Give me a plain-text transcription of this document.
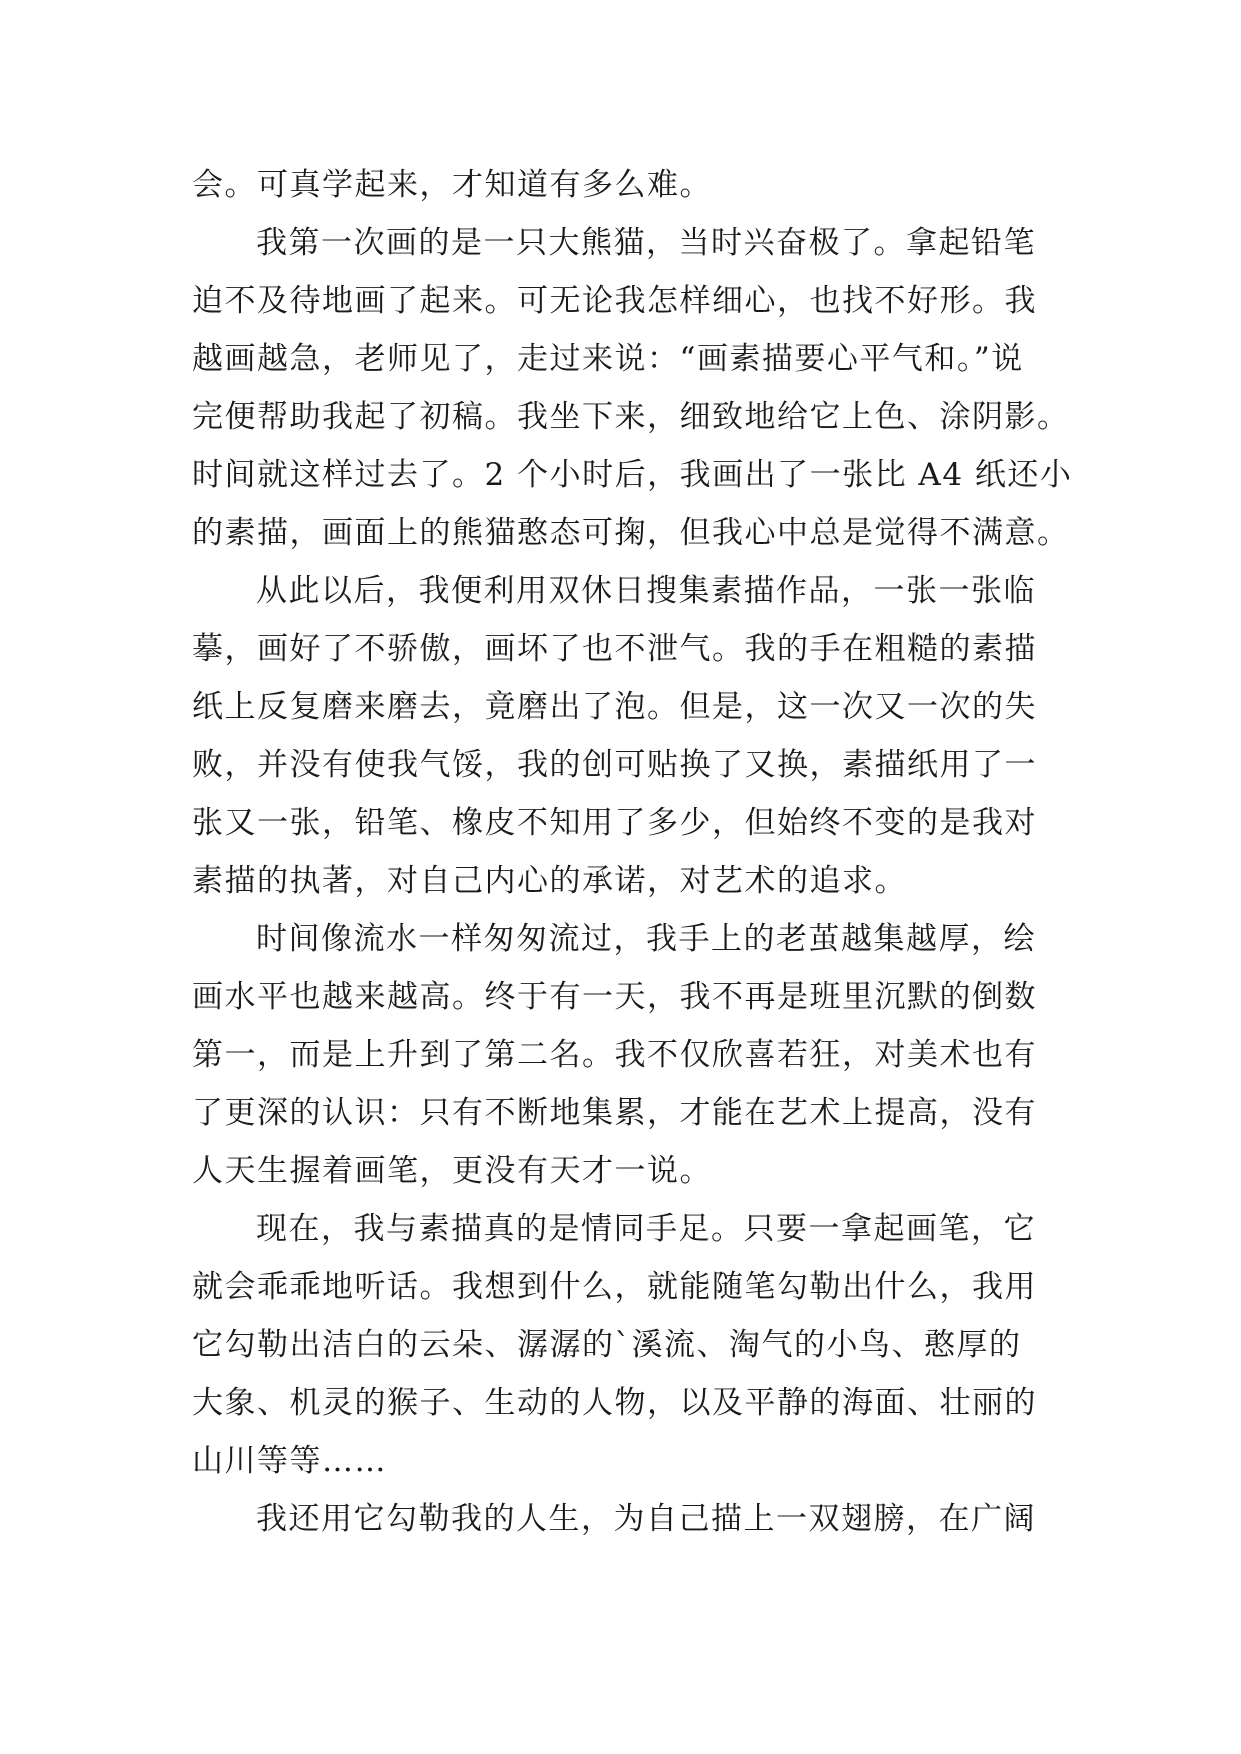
会。可真学起来，才知道有多么难。
我第一次画的是一只大熊猫，当时兴奋极了。拿起铅笔
迫不及待地画了起来。可无论我怎样细心，也找不好形。我
越画越急，老师见了，走过来说：“画素描要心平气和。”说
完便帮助我起了初稿。我坐下来，细致地给它上色、涂阴影。
时间就这样过去了。2 个小时后，我画出了一张比 A4 纸还小
的素描，画面上的熊猫憨态可掬，但我心中总是觉得不满意。
从此以后，我便利用双休日搜集素描作品，一张一张临
摹，画好了不骄傲，画坏了也不泄气。我的手在粗糙的素描
纸上反复磨来磨去，竟磨出了泡。但是，这一次又一次的失
败，并没有使我气馁，我的创可贴换了又换，素描纸用了一
张又一张，铅笔、橡皮不知用了多少，但始终不变的是我对
素描的执著，对自己内心的承诺，对艺术的追求。
时间像流水一样匆匆流过，我手上的老茧越集越厚，绘
画水平也越来越高。终于有一天，我不再是班里沉默的倒数
第一，而是上升到了第二名。我不仅欣喜若狂，对美术也有
了更深的认识：只有不断地集累，才能在艺术上提高，没有
人天生握着画笔，更没有天才一说。
现在，我与素描真的是情同手足。只要一拿起画笔，它
就会乖乖地听话。我想到什么，就能随笔勾勒出什么，我用
它勾勒出洁白的云朵、潺潺的`溪流、淘气的小鸟、憨厚的
大象、机灵的猴子、生动的人物，以及平静的海面、壮丽的
山川等等……
我还用它勾勒我的人生，为自己描上一双翅膀，在广阔
